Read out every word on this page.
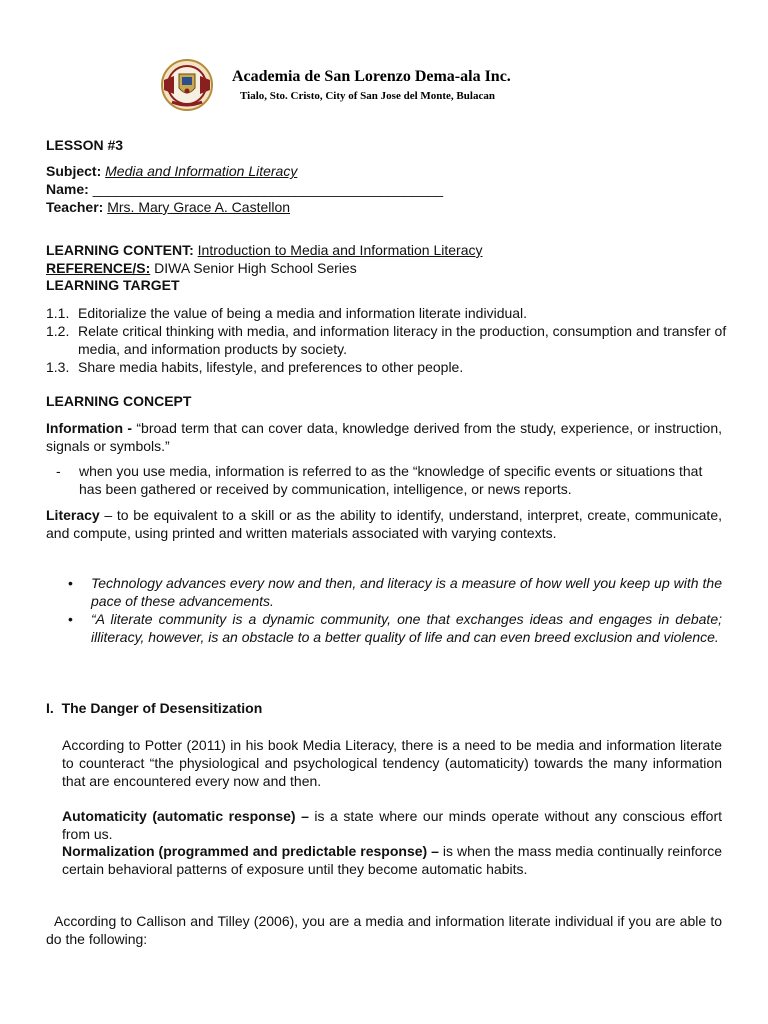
Academia de San Lorenzo Dema-ala Inc.
Tialo, Sto. Cristo, City of San Jose del Monte, Bulacan
LESSON #3
Subject: Media and Information Literacy
Name: _____________________________________________
Teacher: Mrs. Mary Grace A. Castellon
LEARNING CONTENT: Introduction to Media and Information Literacy
REFERENCE/S: DIWA Senior High School Series
LEARNING TARGET
1.1. Editorialize the value of being a media and information literate individual.
1.2. Relate critical thinking with media, and information literacy in the production, consumption and transfer of media, and information products by society.
1.3. Share media habits, lifestyle, and preferences to other people.
LEARNING CONCEPT
Information - “broad term that can cover data, knowledge derived from the study, experience, or instruction, signals or symbols.”
- when you use media, information is referred to as the “knowledge of specific events or situations that has been gathered or received by communication, intelligence, or news reports.
Literacy – to be equivalent to a skill or as the ability to identify, understand, interpret, create, communicate, and compute, using printed and written materials associated with varying contexts.
• Technology advances every now and then, and literacy is a measure of how well you keep up with the pace of these advancements.
• “A literate community is a dynamic community, one that exchanges ideas and engages in debate; illiteracy, however, is an obstacle to a better quality of life and can even breed exclusion and violence.
I. The Danger of Desensitization
According to Potter (2011) in his book Media Literacy, there is a need to be media and information literate to counteract “the physiological and psychological tendency (automaticity) towards the many information that are encountered every now and then.
Automaticity (automatic response) – is a state where our minds operate without any conscious effort from us.
Normalization (programmed and predictable response) – is when the mass media continually reinforce certain behavioral patterns of exposure until they become automatic habits.
According to Callison and Tilley (2006), you are a media and information literate individual if you are able to do the following:
